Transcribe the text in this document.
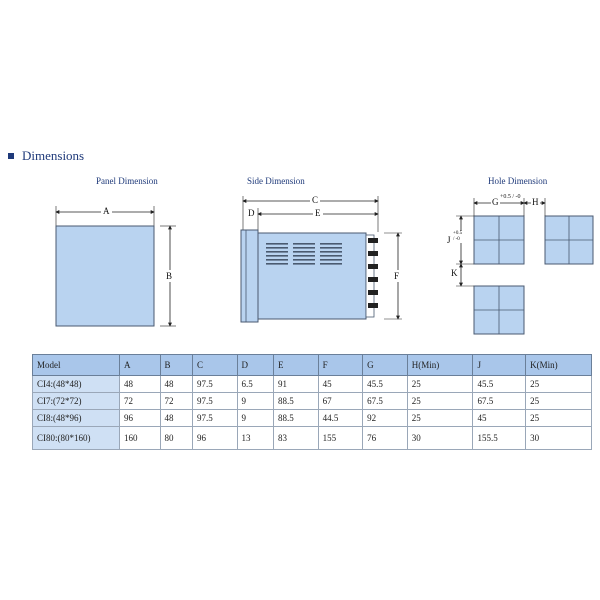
Dimensions
Panel Dimension	Side Dimension	Hole Dimension
A
B
C
D	E
F
G +0.5 / -0 H
J
+0.5 / -0
K
Model	A	B	C	D	E	F	G	H(Min)	J	K(Min)
CI4:(48*48)	48	48	97.5	6.5	91	45	45.5	25	45.5	25
CI7:(72*72)	72	72	97.5	9	88.5	67	67.5	25	67.5	25
CI8:(48*96)	96	48	97.5	9	88.5	44.5	92	25	45	25
CI80:(80*160)	160	80	96	13	83	155	76	30	155.5	30
